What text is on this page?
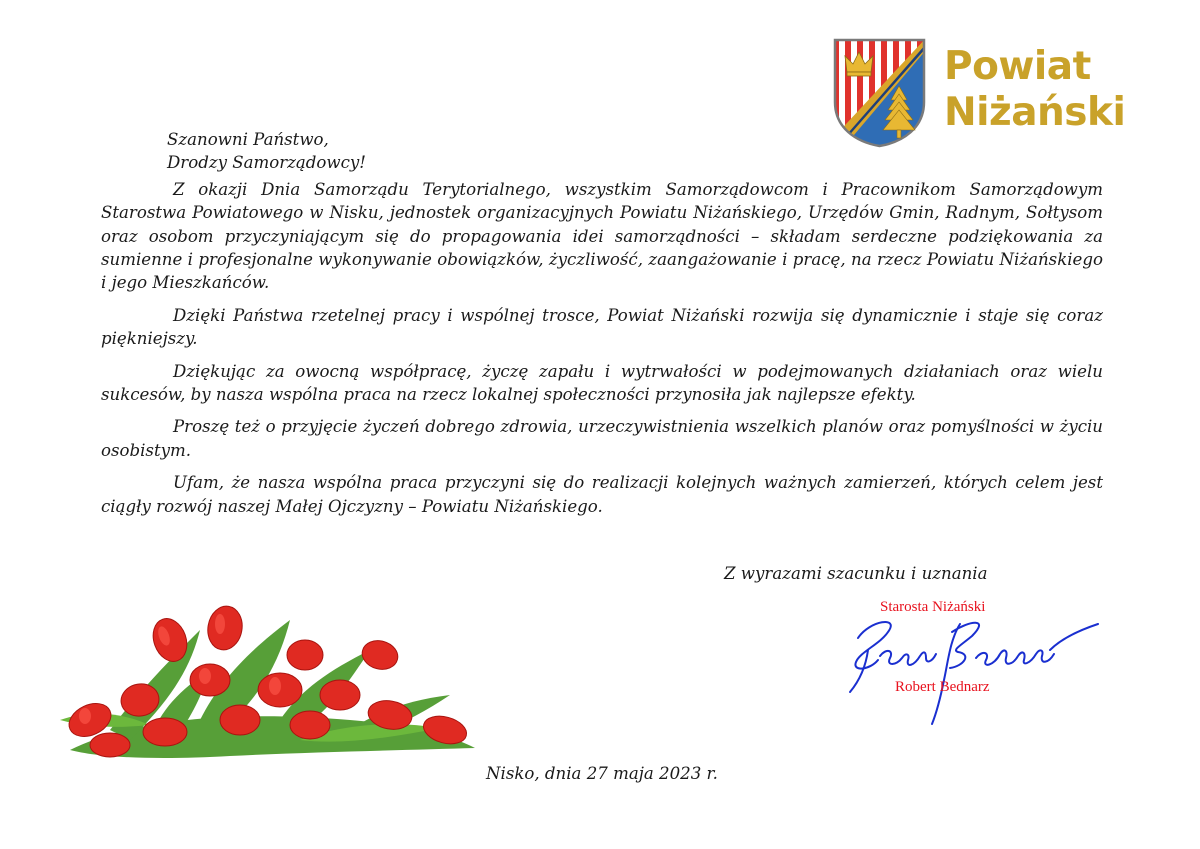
Powiat
Niżański

Szanowni Państwo,

Drodzy Samorządowcy!

Z okazji Dnia Samorządu Terytorialnego, wszystkim Samorządowcom i Pracownikom Samorządowym Starostwa Powiatowego w Nisku, jednostek organizacyjnych Powiatu Niżańskiego, Urzędów Gmin, Radnym, Sołtysom oraz osobom przyczyniającym się do propagowania idei samorządności – składam serdeczne podziękowania za sumienne i profesjonalne wykonywanie obowiązków, życzliwość, zaangażowanie i pracę, na rzecz Powiatu Niżańskiego i jego Mieszkańców.

Dzięki Państwa rzetelnej pracy i wspólnej trosce, Powiat Niżański rozwija się dynamicznie i staje się coraz piękniejszy.

Dziękując za owocną współpracę, życzę zapału i wytrwałości w podejmowanych działaniach oraz wielu sukcesów, by nasza wspólna praca na rzecz lokalnej społeczności przynosiła jak najlepsze efekty.

Proszę też o przyjęcie życzeń dobrego zdrowia, urzeczywistnienia wszelkich planów oraz pomyślności w życiu osobistym.

Ufam, że nasza wspólna praca przyczyni się do realizacji kolejnych ważnych zamierzeń, których celem jest ciągły rozwój naszej Małej Ojczyzny – Powiatu Niżańskiego.

Z wyrazami szacunku i uznania
Starosta Niżański
Robert Bednarz
Nisko, dnia 27 maja 2023 r.
